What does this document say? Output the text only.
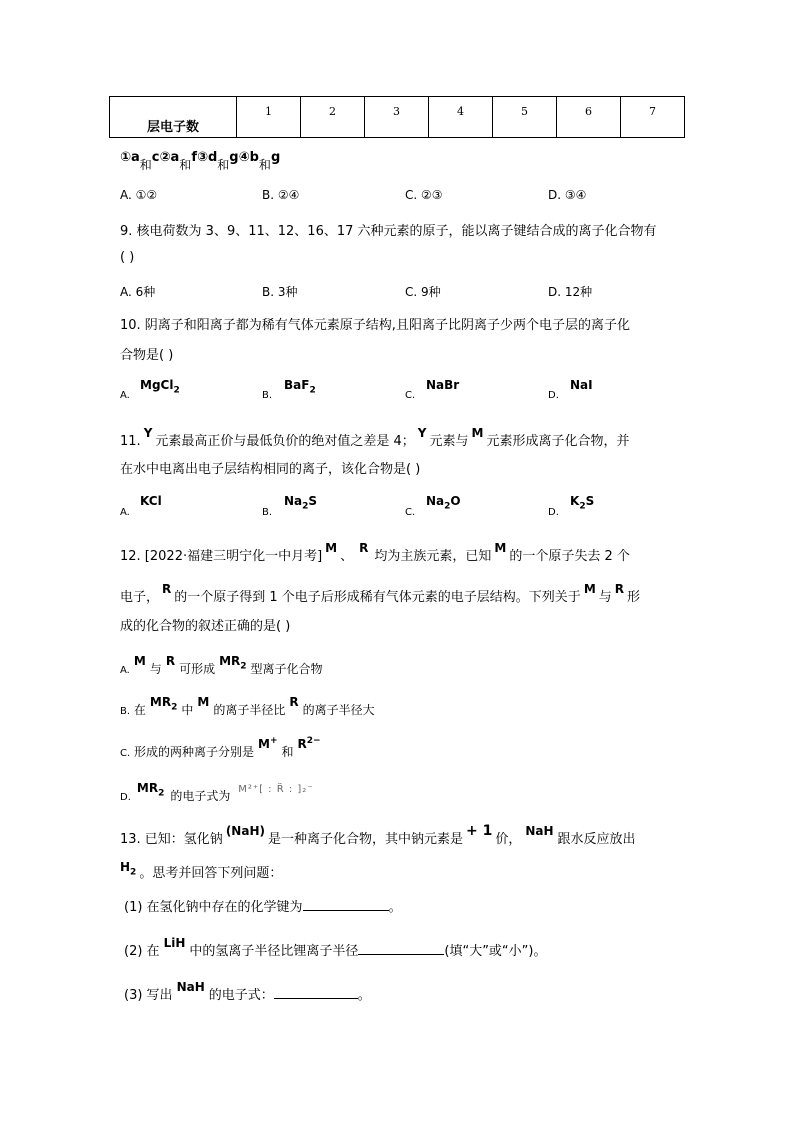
层电子数	1	2	3	4	5	6	7
①a和c②a和f③d和g④b和g
A. ①②	B. ②④	C. ②③	D. ③④
9. 核电荷数为 3、9、11、12、16、17 六种元素的原子，能以离子键结合成的离子化合物有
( )
A. 6种	B. 3种	C. 9种	D. 12种
10. 阴离子和阳离子都为稀有气体元素原子结构,且阳离子比阴离子少两个电子层的离子化
合物是( )
A.
MgCl$_2$	B.
BaF$_2$	C.
NaBr
D.
NaI
11.Y元素最高正价与最低负价的绝对值之差是 4；Y元素与M元素形成离子化合物，并
在水中电离出电子层结构相同的离子，该化合物是( )
A.
KCl
B.
$Na_2S$
C.
$Na_2O$
D.
$K_2S$
12. [2022·福建三明宁化一中月考]M、R均为主族元素，已知M的一个原子失去 2 个
电子，R的一个原子得到 1 个电子后形成稀有气体元素的电子层结构。下列关于M与R形
成的化合物的叙述正确的是( )
A.M与R可形成$MR_2$ 型离子化合物
B. 在$MR_2$ 中M的离子半径比R的离子半径大
C. 形成的两种离子分别是M+和$R^{2-}$
$D.MR_2$ 的电子式为 $^{M^{2+}[ : R̈ : ]_2^-}$
13. 已知：氢化钠(NaH)是一种离子化合物，其中钠元素是+ 1价，NaH跟水反应放出
$H_2$ 。思考并回答下列问题：
(1) 在氢化钠中存在的化学键为	。
(2) 在LiH中的氢离子半径比锂离子半径	(填“大”或“小”)。
(3) 写出NaH的电子式：	。
